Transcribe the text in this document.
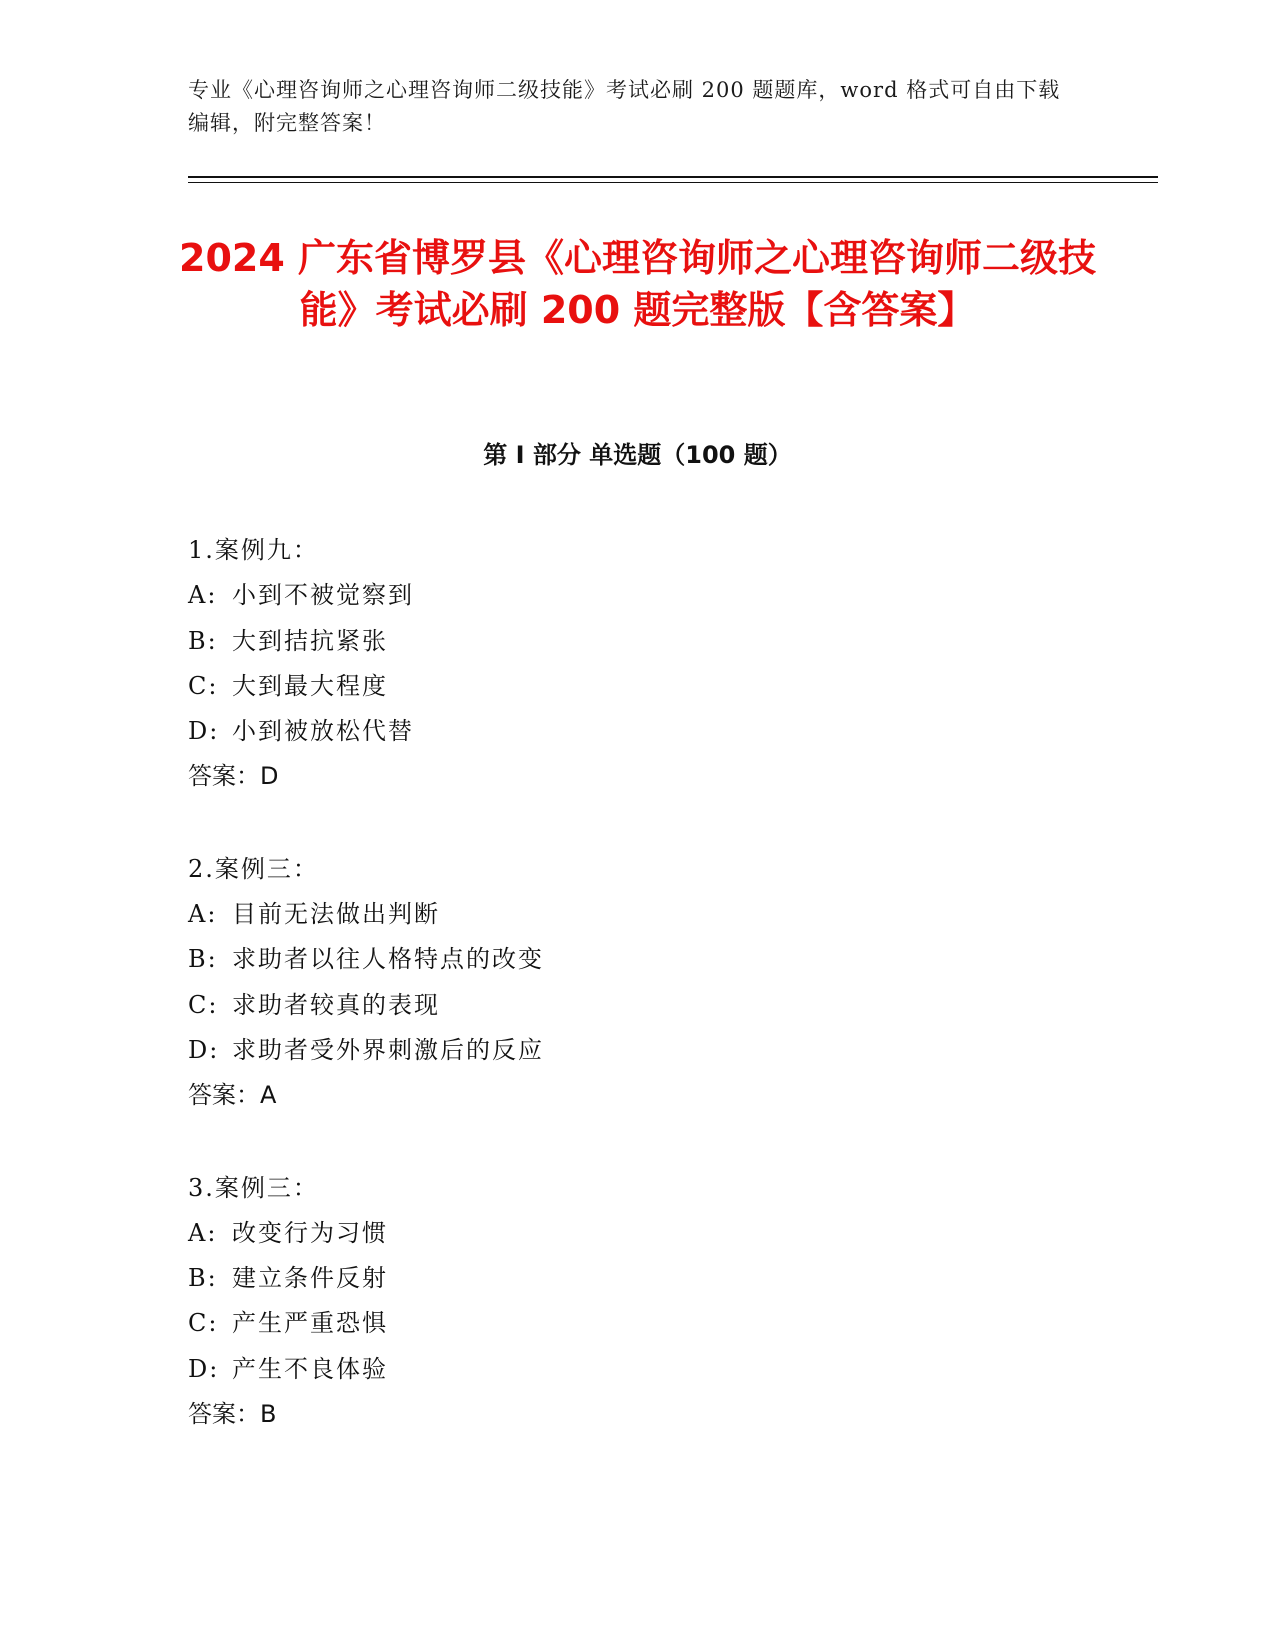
专业《心理咨询师之心理咨询师二级技能》考试必刷 200 题题库，word 格式可自由下载编辑，附完整答案！
2024 广东省博罗县《心理咨询师之心理咨询师二级技能》考试必刷 200 题完整版【含答案】
第 I 部分 单选题（100 题）
1.案例九：
A: 小到不被觉察到
B: 大到拮抗紧张
C: 大到最大程度
D: 小到被放松代替
答案：D
2.案例三：
A: 目前无法做出判断
B: 求助者以往人格特点的改变
C: 求助者较真的表现
D: 求助者受外界刺激后的反应
答案：A
3.案例三：
A: 改变行为习惯
B: 建立条件反射
C: 产生严重恐惧
D: 产生不良体验
答案：B
